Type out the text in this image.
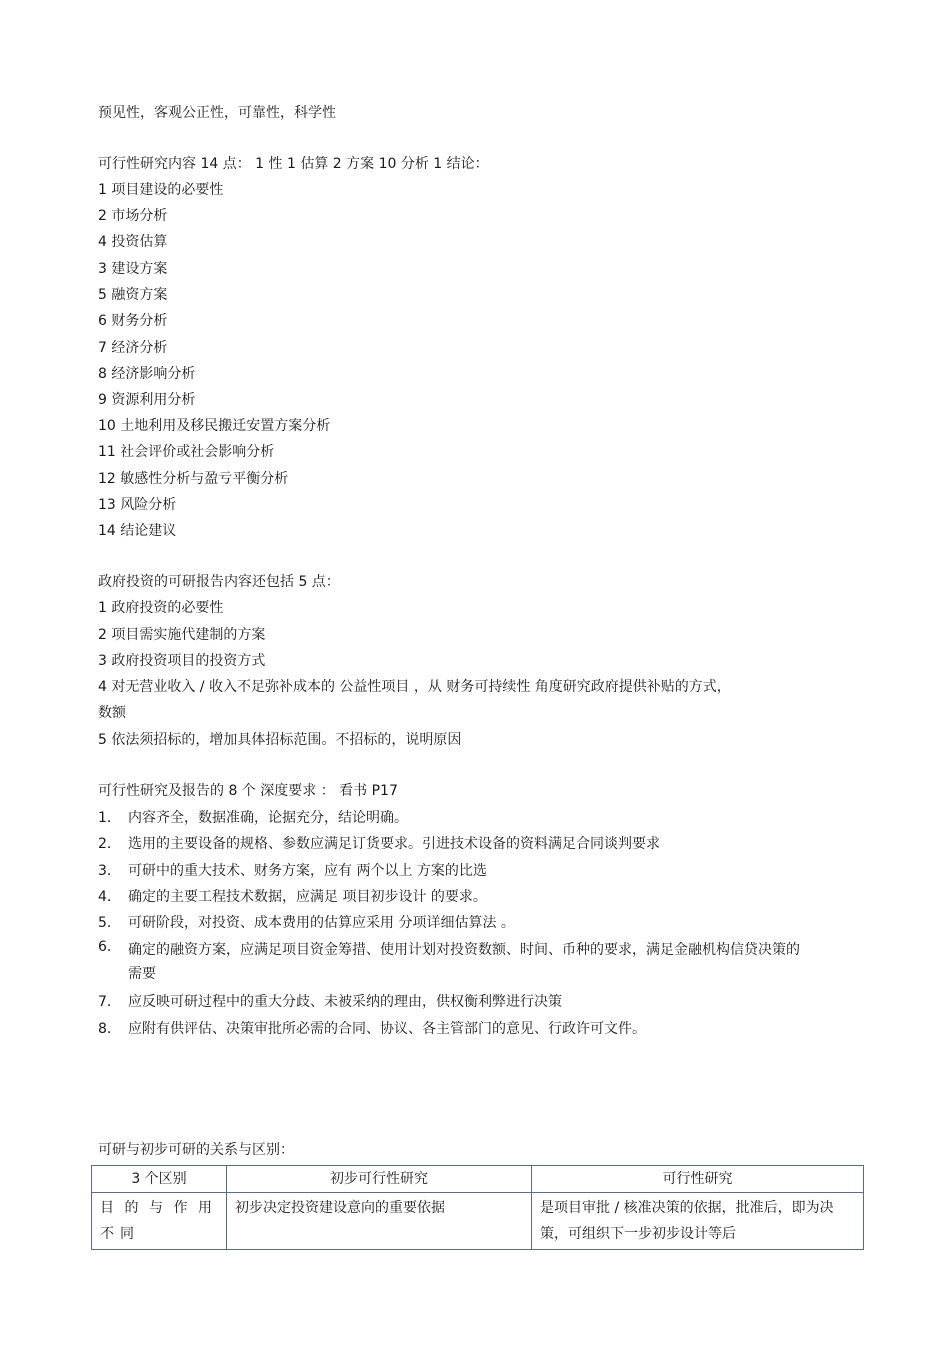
预见性，客观公正性，可靠性，科学性
可行性研究内容 14 点： 1 性 1 估算 2 方案 10 分析 1 结论：
1 项目建设的必要性
2 市场分析
4 投资估算
3 建设方案
5 融资方案
6 财务分析
7 经济分析
8 经济影响分析
9 资源利用分析
10 土地利用及移民搬迁安置方案分析
11 社会评价或社会影响分析
12 敏感性分析与盈亏平衡分析
13 风险分析
14 结论建议
政府投资的可研报告内容还包括 5 点：
1 政府投资的必要性
2 项目需实施代建制的方案
3 政府投资项目的投资方式
4 对无营业收入 / 收入不足弥补成本的 公益性项目 ，从 财务可持续性 角度研究政府提供补贴的方式，
数额
5 依法须招标的，增加具体招标范围。不招标的，说明原因
可行性研究及报告的 8 个 深度要求 ： 看书 P17
1． 内容齐全，数据准确，论据充分，结论明确。
2． 选用的主要设备的规格、参数应满足订货要求。引进技术设备的资料满足合同谈判要求
3． 可研中的重大技术、财务方案，应有 两个以上 方案的比选
4． 确定的主要工程技术数据，应满足 项目初步设计 的要求。
5． 可研阶段，对投资、成本费用的估算应采用 分项详细估算法 。
6． 确定的融资方案，应满足项目资金筹措、使用计划对投资数额、时间、币种的要求，满足金融机构信贷决策的需要
7． 应反映可研过程中的重大分歧、未被采纳的理由，供权衡利弊进行决策
8． 应附有供评估、决策审批所必需的合同、协议、各主管部门的意见、行政许可文件。
可研与初步可研的关系与区别：
3 个区别	初步可行性研究	可行性研究
目的与作用不同	初步决定投资建设意向的重要依据	是项目审批 / 核准决策的依据，批准后，即为决策，可组织下一步初步设计等后
